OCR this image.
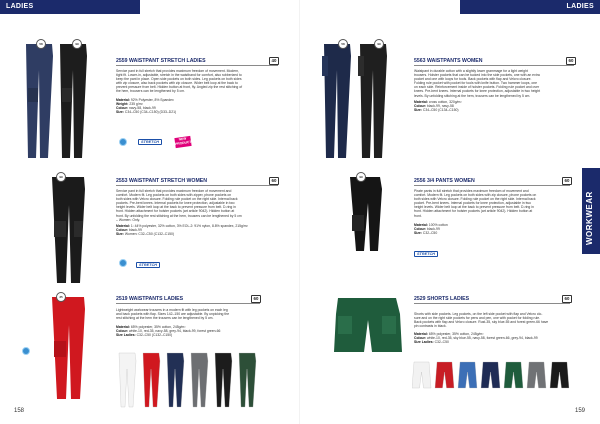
LADIES	LADIES
WORKWEAR
58	99
2559 WAISTPANT STRETCH LADIES	40
Service pant in full stretch that provides maximum freedom of movement. Modern,
tight fit. Lower-in, adjustable, stretch in the waistband for comfort, also rubberized to
keep the pant in place. Open side pockets on both sides. Leg pockets on both sides
with zip closure, also back pockets with zip closure. Wider belt loop at the back to
prevent pressure from belt. Hidden button at front, fly. Angled zip the rest stitching of
the hem, trousers can be lengthened by 5 cm.
Material: 92% Polyester, 8% Spandex
Weight: 235 g/m²
Colour: navy-58, black-99
Size: C34–C50 (C34–C150) (D33–D21)
STRETCH
NEW
PRODUCT
99
2553 WAISTPANT STRETCH WOMEN	60
Service pant in full stretch that provides maximum freedom of movement and
comfort. Modern fit. Leg pockets on both sides with zipper, phone pockets on
both sides with Velcro closure. Folding rule pocket on the right side. Internal back
pockets. Pre-bent knees. Internal pockets for knee protection, adjustable in two
height levels. Wider belt loop at the back to prevent pressure from belt. D-ring in
front. Hidden attachment for holster pockets (art article 9042). Hidden button at
front. By unfolding the rest stitching at the hem, trousers can be lengthened by 5 cm
– Women: Only.
Material: 1: 44% polyester, 32% cotton, 3% EOL-2: 91% nylon, 8.8% spandex, 215g/m²
Colour: black-99
Size: Women: C32–C50 (C132–C150)
STRETCH
35	2519 WAISTPANTS LADIES	60
Lightweight workwear trousers in a modern fit with leg pockets on each leg
and back pockets with flap. Sizes 142–150 are adjustable. By unpicking the
rest stitching at the hem the trousers can be lengthened by 5 cm.
Material: 65% polyester, 35% cotton, 245g/m²
Colour: white-10, red-35, navy-58, grey-94, black-99, forest green-66
Size Ladies: C32–C50 (C132–C150)
58	99
5563 WAISTPANTS WOMEN	60
Waistpant in durable cotton with a slightly lower grammage for a light weight
trousers. Holster pockets that can be tucked into the side pockets, one with an extra
pocket and one with loops for tools. Back pockets with flap and Velcro closure.
Folding rule pocket with pocket for tools with knife button. Two hammer loops, one
on each side. Reinforcement inside of holster pockets. Folding rule pocket and over
knees. Pre-bent knees. Internal pockets for knee protection, adjustable in two height
levels. By unfolding stitching at the hem, trousers can be lengthened by 5 cm.
Material: cross cotton, 320g/m²
Colour: black-99, navy-58
Size: C34–C50 (C134–C150)
99
2556 3/4 PANTS WOMEN	60
Pirate pants in full stretch that provides maximum freedom of movement and
comfort. Modern fit. Leg pockets on both sides with zip closure, phone pockets on
both sides with Velcro closure. Folding rule pocket on the right side. Internal back
pocket. Pre-bent knees. Internal pockets for knee protection, adjustable in two
height levels. Wider belt loop at the back to prevent pressure from belt. D-ring in
front. Hidden attachment for holster pockets (art article 9042). Hidden button at
front.
Material: 100% cotton
Colour: black-99
Size: C32–C50
STRETCH
2529 SHORTS LADIES	60
Shorts with side pockets. Leg pockets, on the left side pocket with flap and Velcro clo-
sure and on the right side pockets for pens and pen, one with pocket for folding rule.
Back pockets with flap and Velcro closure. Rust-35, sky blue-55 and forest green-66 have
pin contrasts in black.
Material: 65% polyester, 35% cotton, 245g/m²
Colour: white-10, red-35, sky blue-55, navy-58, forest green-66, grey-94, black-99
Size Ladies: C32–C50
158	159
